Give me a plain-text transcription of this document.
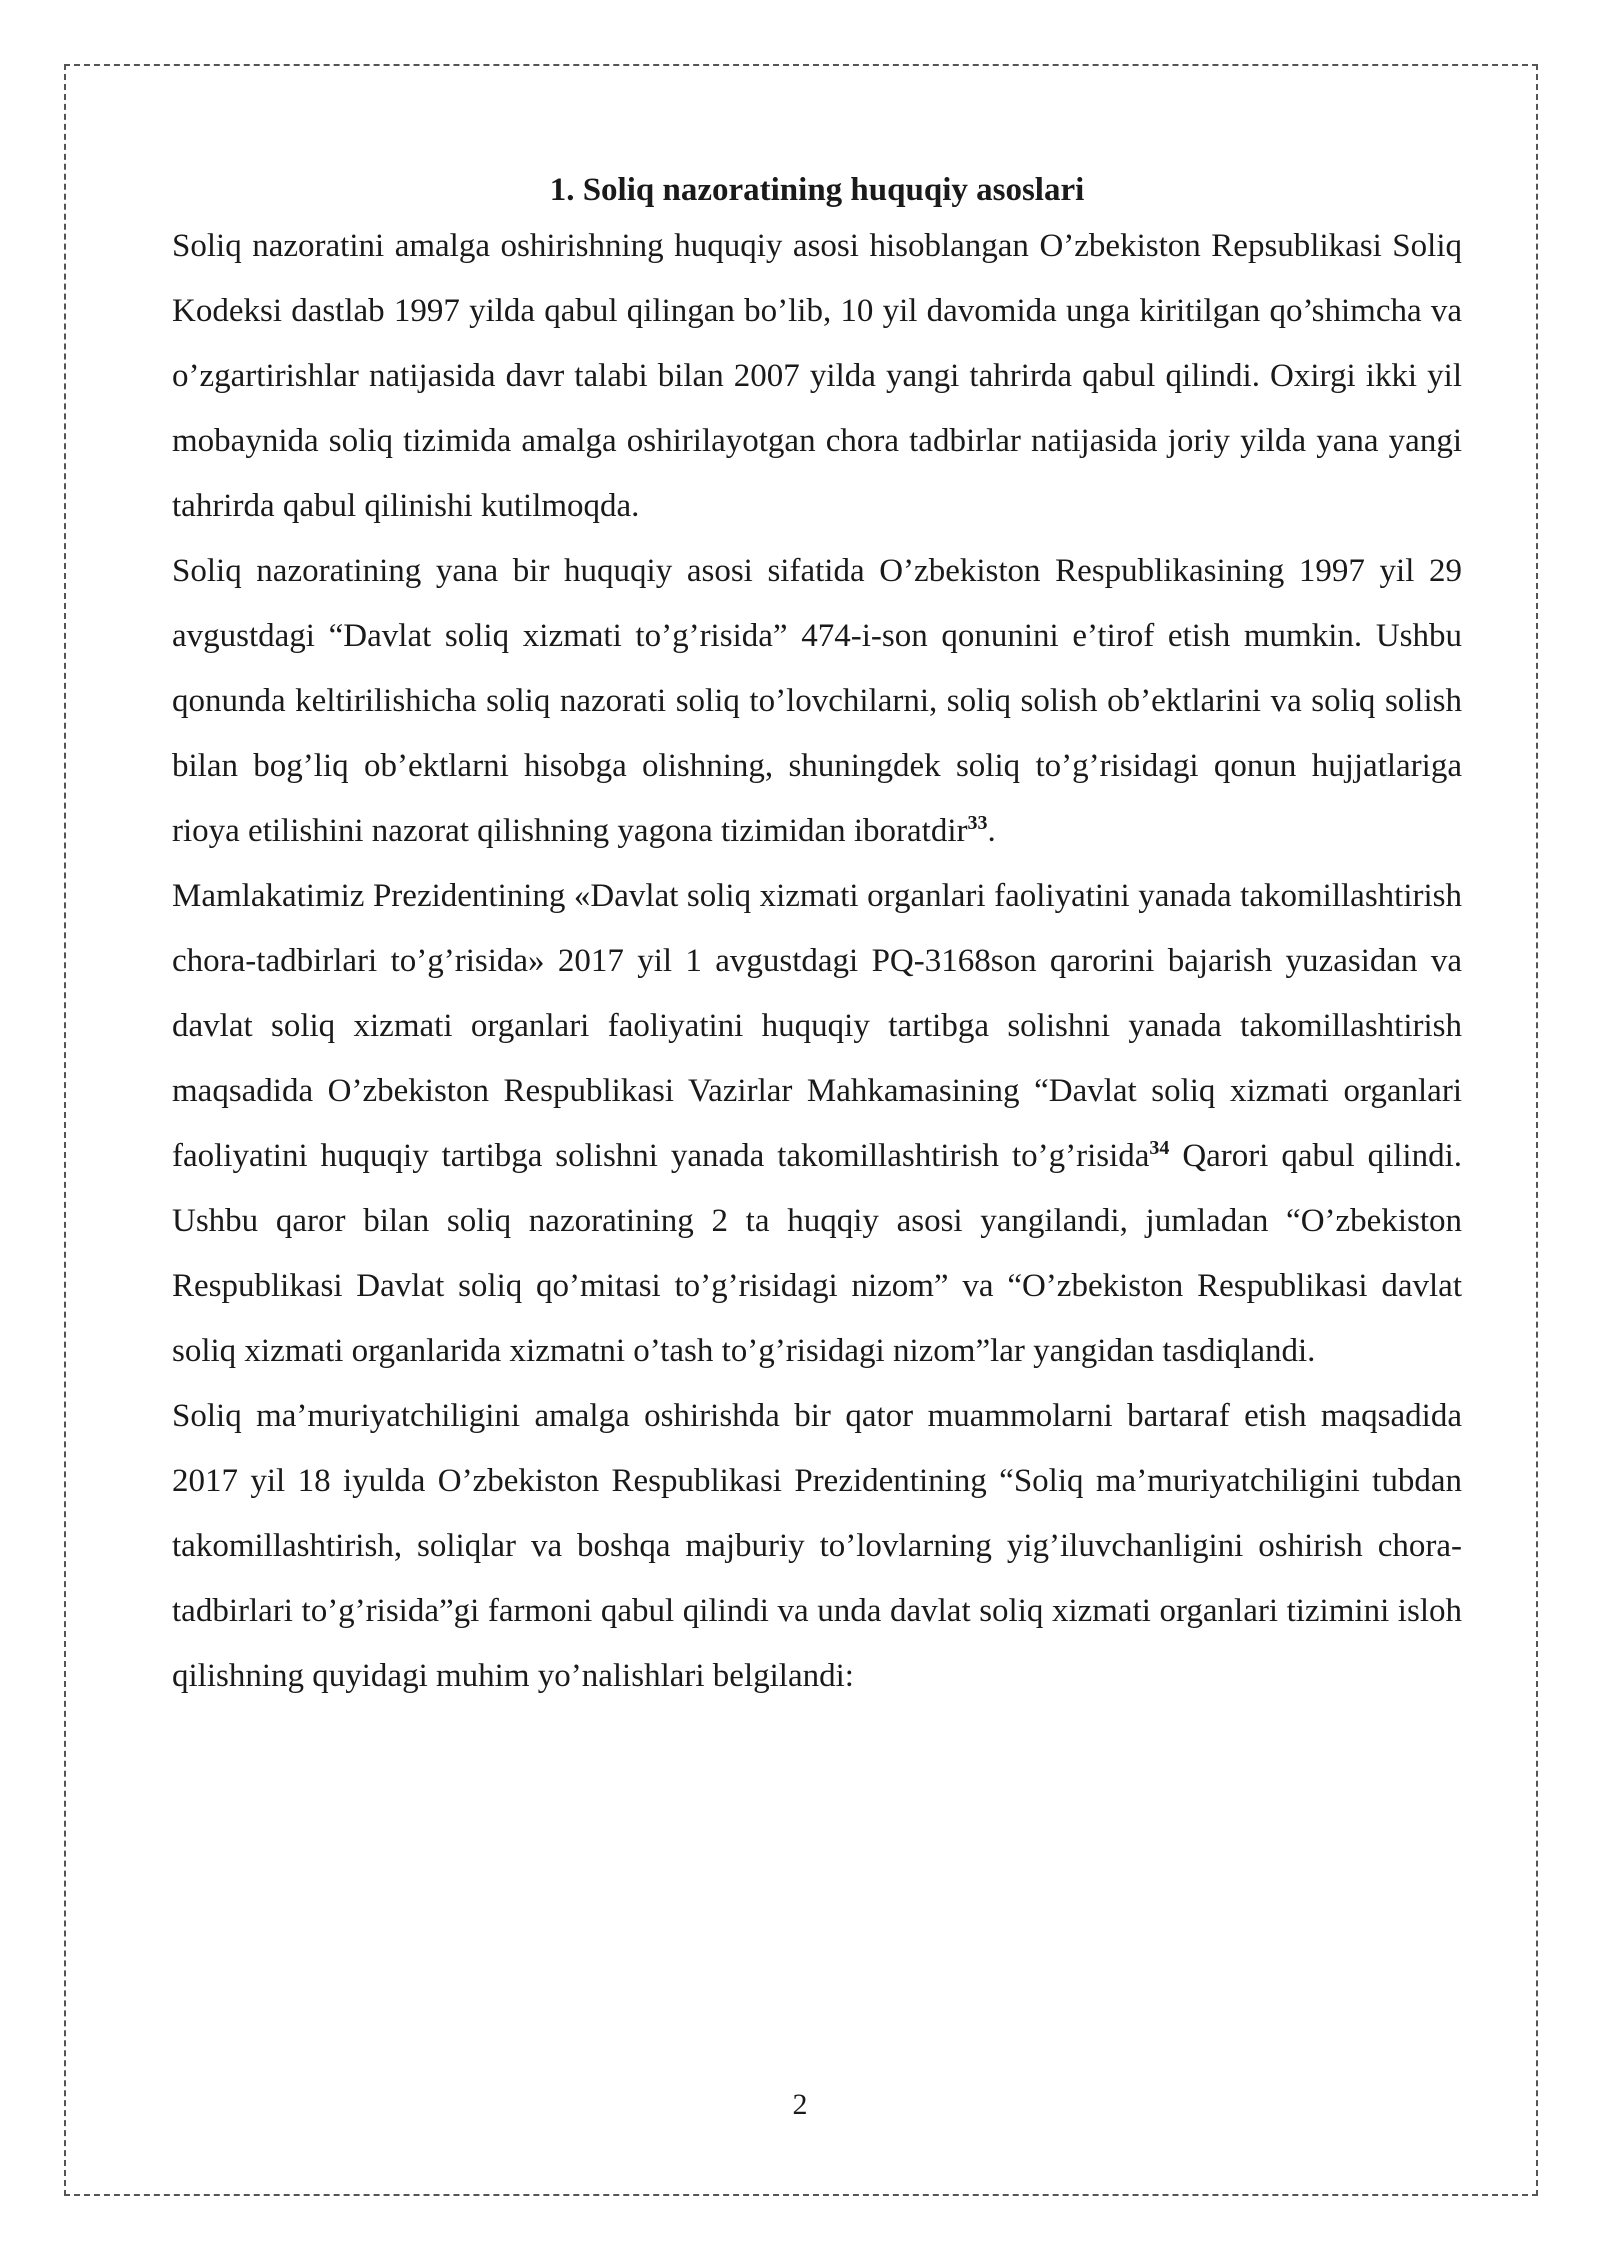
1. Soliq nazoratining huquqiy asoslari

Soliq nazoratini amalga oshirishning huquqiy asosi hisoblangan O’zbekiston Repsublikasi Soliq Kodeksi dastlab 1997 yilda qabul qilingan bo’lib, 10 yil davomida unga kiritilgan qo’shimcha va o’zgartirishlar natijasida davr talabi bilan 2007 yilda yangi tahrirda qabul qilindi. Oxirgi ikki yil mobaynida soliq tizimida amalga oshirilayotgan chora tadbirlar natijasida joriy yilda yana yangi tahrirda qabul qilinishi kutilmoqda.

Soliq nazoratining yana bir huquqiy asosi sifatida O’zbekiston Respublikasining 1997 yil 29 avgustdagi “Davlat soliq xizmati to’g’risida” 474-i-son qonunini e’tirof etish mumkin. Ushbu qonunda keltirilishicha soliq nazorati soliq to’lovchilarni, soliq solish ob’ektlarini va soliq solish bilan bog’liq ob’ektlarni hisobga olishning, shuningdek soliq to’g’risidagi qonun hujjatlariga rioya etilishini nazorat qilishning yagona tizimidan iboratdir$^{33}$.

Mamlakatimiz Prezidentining «Davlat soliq xizmati organlari faoliyatini yanada takomillashtirish chora-tadbirlari to’g’risida» 2017 yil 1 avgustdagi PQ-3168son qarorini bajarish yuzasidan va davlat soliq xizmati organlari faoliyatini huquqiy tartibga solishni yanada takomillashtirish maqsadida O’zbekiston Respublikasi Vazirlar Mahkamasining “Davlat soliq xizmati organlari faoliyatini huquqiy tartibga solishni yanada takomillashtirish to’g’risida$^{34}$ Qarori qabul qilindi. Ushbu qaror bilan soliq nazoratining 2 ta huqqiy asosi yangilandi, jumladan “O’zbekiston Respublikasi Davlat soliq qo’mitasi to’g’risidagi nizom” va “O’zbekiston Respublikasi davlat soliq xizmati organlarida xizmatni o’tash to’g’risidagi nizom”lar yangidan tasdiqlandi.

Soliq ma’muriyatchiligini amalga oshirishda bir qator muammolarni bartaraf etish maqsadida 2017 yil 18 iyulda O’zbekiston Respublikasi Prezidentining “Soliq ma’muriyatchiligini tubdan takomillashtirish, soliqlar va boshqa majburiy to’lovlarning yig’iluvchanligini oshirish chora-tadbirlari to’g’risida”gi farmoni qabul qilindi va unda davlat soliq xizmati organlari tizimini isloh qilishning quyidagi muhim yo’nalishlari belgilandi:

2
